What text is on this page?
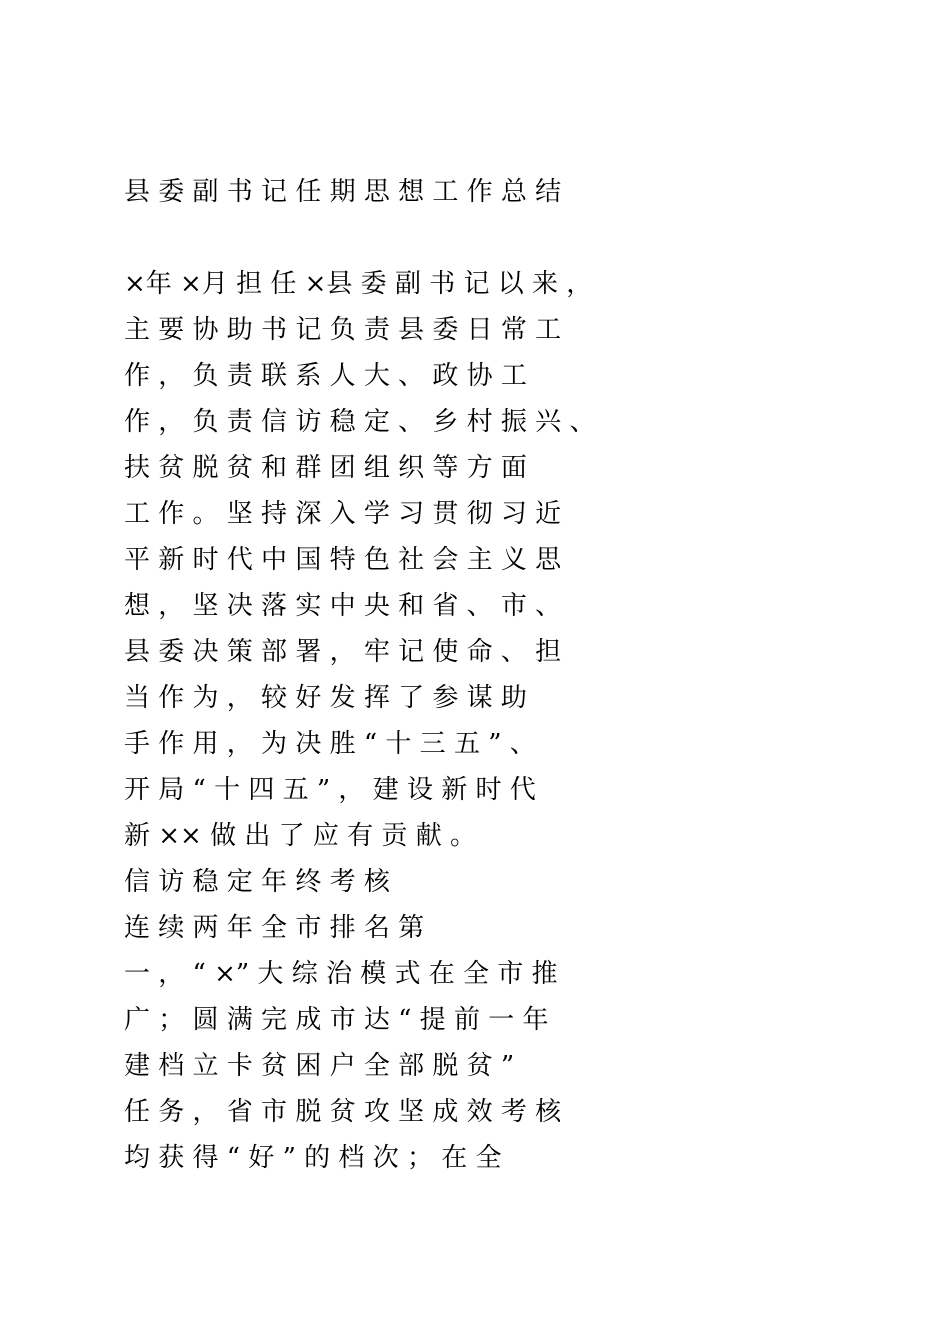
县 委 副 书 记 任 期 思 想 工 作 总 结
×年 ×月 担 任 ×县 委 副 书 记 以 来 ，
主 要 协 助 书 记 负 责 县 委 日 常 工
作 ， 负 责 联 系 人 大 、 政 协 工
作 ， 负 责 信 访 稳 定 、 乡 村 振 兴 、
扶 贫 脱 贫 和 群 团 组 织 等 方 面
工 作 。 坚 持 深 入 学 习 贯 彻 习 近
平 新 时 代 中 国 特 色 社 会 主 义 思
想 ， 坚 决 落 实 中 央 和 省 、 市 、
县 委 决 策 部 署 ， 牢 记 使 命 、 担
当 作 为 ， 较 好 发 挥 了 参 谋 助
手 作 用 ， 为 决 胜 “ 十 三 五 ” 、
开 局 “ 十 四 五 ” ， 建 设 新 时 代
新 ×× 做 出 了 应 有 贡 献 。
信 访 稳 定 年 终 考 核
连 续 两 年 全 市 排 名 第
一 ， “ ×” 大 综 治 模 式 在 全 市 推
广 ； 圆 满 完 成 市 达 “ 提 前 一 年
建 档 立 卡 贫 困 户 全 部 脱 贫 ”
任 务 ， 省 市 脱 贫 攻 坚 成 效 考 核
均 获 得 “ 好 ” 的 档 次 ； 在 全
